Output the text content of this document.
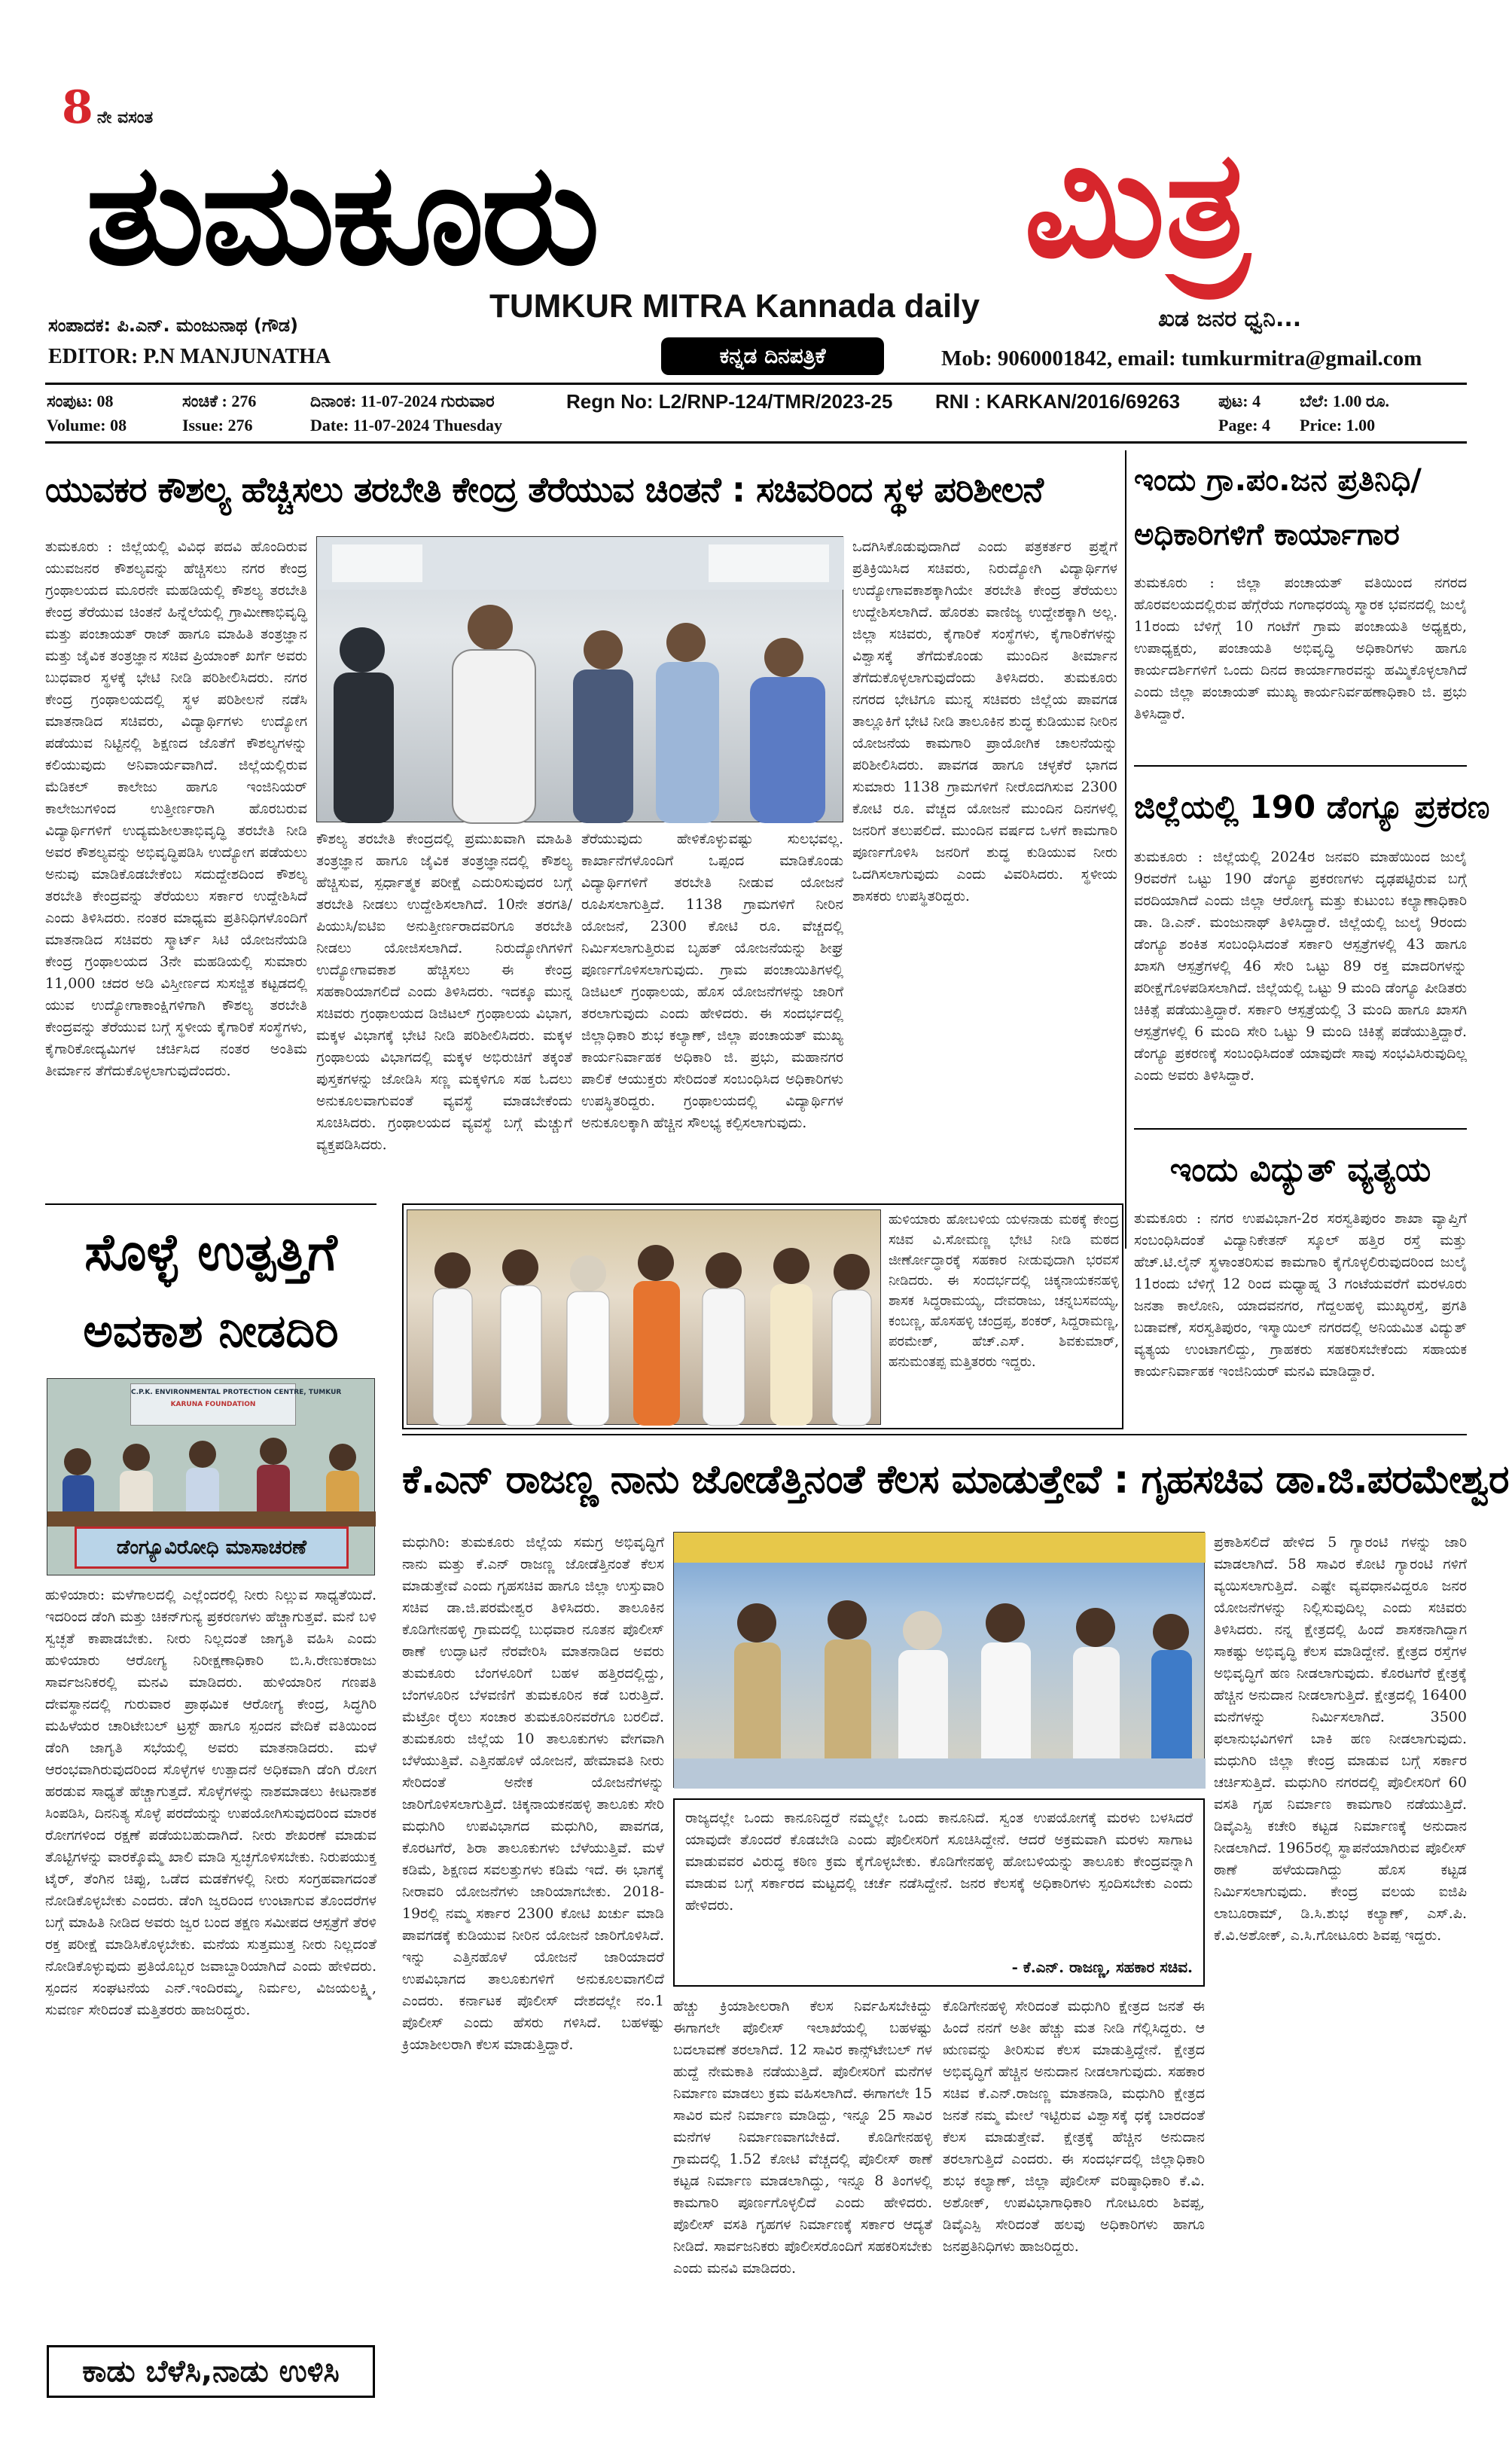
8 ನೇ ವಸಂತ
ತುಮಕೂರು	ಮಿತ್ರ
TUMKUR MITRA Kannada daily	ಖಡ ಜನರ ಧ್ವನಿ...
ಸಂಪಾದಕ: ಪಿ.ಎನ್. ಮಂಜುನಾಥ (ಗೌಡ)
EDITOR: P.N MANJUNATHA	ಕನ್ನಡ ದಿನಪತ್ರಿಕೆ	Mob: 9060001842, email: tumkurmitra@gmail.com
ಸಂಪುಟ: 08	ಸಂಚಿಕೆ : 276	ದಿನಾಂಕ: 11-07-2024 ಗುರುವಾರ	Regn No: L2/RNP-124/TMR/2023-25 RNI : KARKAN/2016/69263 ಪುಟ: 4 ಬೆಲೆ: 1.00 ರೂ.
Volume: 08	Issue: 276	Date: 11-07-2024 Thuesday	Page: 4 Price: 1.00
ಯುವಕರ ಕೌಶಲ್ಯ ಹೆಚ್ಚಿಸಲು ತರಬೇತಿ ಕೇಂದ್ರ ತೆರೆಯುವ ಚಿಂತನೆ : ಸಚಿವರಿಂದ ಸ್ಥಳ ಪರಿಶೀಲನೆ
ತುಮಕೂರು : ಜಿಲ್ಲೆಯಲ್ಲಿ ವಿವಿಧ ಪದವಿ ಹೊಂದಿರುವ ಯುವಜನರ ಕೌಶಲ್ಯವನ್ನು ಹೆಚ್ಚಿಸಲು ನಗರ ಕೇಂದ್ರ ಗ್ರಂಥಾಲಯದ ಮೂರನೇ ಮಹಡಿಯಲ್ಲಿ ಕೌಶಲ್ಯ ತರಬೇತಿ ಕೇಂದ್ರ ತೆರೆಯುವ ಚಿಂತನೆ ಹಿನ್ನೆಲೆಯಲ್ಲಿ ಗ್ರಾಮೀಣಾಭಿವೃದ್ಧಿ ಮತ್ತು ಪಂಚಾಯತ್ ರಾಜ್ ಹಾಗೂ ಮಾಹಿತಿ ತಂತ್ರಜ್ಞಾನ ಮತ್ತು ಜೈವಿಕ ತಂತ್ರಜ್ಞಾನ ಸಚಿವ ಪ್ರಿಯಾಂಕ್ ಖರ್ಗೆ ಅವರು ಬುಧವಾರ ಸ್ಥಳಕ್ಕೆ ಭೇಟಿ ನೀಡಿ ಪರಿಶೀಲಿಸಿದರು. ನಗರ ಕೇಂದ್ರ ಗ್ರಂಥಾಲಯದಲ್ಲಿ ಸ್ಥಳ ಪರಿಶೀಲನೆ ನಡೆಸಿ ಮಾತನಾಡಿದ ಸಚಿವರು, ವಿದ್ಯಾರ್ಥಿಗಳು ಉದ್ಯೋಗ ಪಡೆಯುವ ನಿಟ್ಟಿನಲ್ಲಿ ಶಿಕ್ಷಣದ ಜೊತೆಗೆ ಕೌಶಲ್ಯಗಳನ್ನು ಕಲಿಯುವುದು ಅನಿವಾರ್ಯವಾಗಿದೆ. ಜಿಲ್ಲೆಯಲ್ಲಿರುವ ಮೆಡಿಕಲ್ ಕಾಲೇಜು ಹಾಗೂ ಇಂಜಿನಿಯರ್ ಕಾಲೇಜುಗಳಿಂದ ಉತ್ತೀರ್ಣರಾಗಿ ಹೊರಬರುವ ವಿದ್ಯಾರ್ಥಿಗಳಿಗೆ ಉದ್ಯಮಶೀಲತಾಭಿವೃದ್ಧಿ ತರಬೇತಿ ನೀಡಿ ಅವರ ಕೌಶಲ್ಯವನ್ನು ಅಭಿವೃದ್ಧಿಪಡಿಸಿ ಉದ್ಯೋಗ ಪಡೆಯಲು ಅನುವು ಮಾಡಿಕೊಡಬೇಕೆಂಬ ಸದುದ್ದೇಶದಿಂದ ಕೌಶಲ್ಯ ತರಬೇತಿ ಕೇಂದ್ರವನ್ನು ತೆರೆಯಲು ಸರ್ಕಾರ ಉದ್ದೇಶಿಸಿದೆ ಎಂದು ತಿಳಿಸಿದರು. ನಂತರ ಮಾಧ್ಯಮ ಪ್ರತಿನಿಧಿಗಳೊಂದಿಗೆ ಮಾತನಾಡಿದ ಸಚಿವರು ಸ್ಮಾರ್ಟ್ ಸಿಟಿ ಯೋಜನೆಯಡಿ ಕೇಂದ್ರ ಗ್ರಂಥಾಲಯದ 3ನೇ ಮಹಡಿಯಲ್ಲಿ ಸುಮಾರು 11,000 ಚದರ ಅಡಿ ವಿಸ್ತೀರ್ಣದ ಸುಸಜ್ಜಿತ ಕಟ್ಟಡದಲ್ಲಿ ಯುವ ಉದ್ಯೋಗಾಕಾಂಕ್ಷಿಗಳಿಗಾಗಿ ಕೌಶಲ್ಯ ತರಬೇತಿ ಕೇಂದ್ರವನ್ನು ತೆರೆಯುವ ಬಗ್ಗೆ ಸ್ಥಳೀಯ ಕೈಗಾರಿಕೆ ಸಂಸ್ಥೆಗಳು, ಕೈಗಾರಿಕೋದ್ಯಮಿಗಳ ಚರ್ಚಿಸಿದ ನಂತರ ಅಂತಿಮ ತೀರ್ಮಾನ ತೆಗೆದುಕೊಳ್ಳಲಾಗುವುದೆಂದರು.
ಕೌಶಲ್ಯ ತರಬೇತಿ ಕೇಂದ್ರದಲ್ಲಿ ಪ್ರಮುಖವಾಗಿ ಮಾಹಿತಿ ತಂತ್ರಜ್ಞಾನ ಹಾಗೂ ಜೈವಿಕ ತಂತ್ರಜ್ಞಾನದಲ್ಲಿ ಕೌಶಲ್ಯ ಹೆಚ್ಚಿಸುವ, ಸ್ಪರ್ಧಾತ್ಮಕ ಪರೀಕ್ಷೆ ಎದುರಿಸುವುದರ ಬಗ್ಗೆ ತರಬೇತಿ ನೀಡಲು ಉದ್ದೇಶಿಸಲಾಗಿದೆ. 10ನೇ ತರಗತಿ/ಪಿಯುಸಿ/ಐಟಿಐ ಅನುತ್ತೀರ್ಣರಾದವರಿಗೂ ತರಬೇತಿ ನೀಡಲು ಯೋಜಿಸಲಾಗಿದೆ. ನಿರುದ್ಯೋಗಿಗಳಿಗೆ ಉದ್ಯೋಗಾವಕಾಶ ಹೆಚ್ಚಿಸಲು ಈ ಕೇಂದ್ರ ಸಹಕಾರಿಯಾಗಲಿದೆ ಎಂದು ತಿಳಿಸಿದರು. ಇದಕ್ಕೂ ಮುನ್ನ ಸಚಿವರು ಗ್ರಂಥಾಲಯದ ಡಿಜಿಟಲ್ ಗ್ರಂಥಾಲಯ ವಿಭಾಗ, ಮಕ್ಕಳ ವಿಭಾಗಕ್ಕೆ ಭೇಟಿ ನೀಡಿ ಪರಿಶೀಲಿಸಿದರು. ಮಕ್ಕಳ ಗ್ರಂಥಾಲಯ ವಿಭಾಗದಲ್ಲಿ ಮಕ್ಕಳ ಅಭಿರುಚಿಗೆ ತಕ್ಕಂತೆ ಪುಸ್ತಕಗಳನ್ನು ಜೋಡಿಸಿ ಸಣ್ಣ ಮಕ್ಕಳಿಗೂ ಸಹ ಓದಲು ಅನುಕೂಲವಾಗುವಂತೆ ವ್ಯವಸ್ಥೆ ಮಾಡಬೇಕೆಂದು ಸೂಚಿಸಿದರು. ಗ್ರಂಥಾಲಯದ ವ್ಯವಸ್ಥೆ ಬಗ್ಗೆ ಮೆಚ್ಚುಗೆ ವ್ಯಕ್ತಪಡಿಸಿದರು.
ತೆರೆಯುವುದು ಹೇಳಿಕೊಳ್ಳುವಷ್ಟು ಸುಲಭವಲ್ಲ. ಕಾರ್ಖಾನೆಗಳೊಂದಿಗೆ ಒಪ್ಪಂದ ಮಾಡಿಕೊಂಡು ವಿದ್ಯಾರ್ಥಿಗಳಿಗೆ ತರಬೇತಿ ನೀಡುವ ಯೋಜನೆ ರೂಪಿಸಲಾಗುತ್ತಿದೆ. 1138 ಗ್ರಾಮಗಳಿಗೆ ನೀರಿನ ಯೋಜನೆ, 2300 ಕೋಟಿ ರೂ. ವೆಚ್ಚದಲ್ಲಿ ನಿರ್ಮಿಸಲಾಗುತ್ತಿರುವ ಬೃಹತ್ ಯೋಜನೆಯನ್ನು ಶೀಘ್ರ ಪೂರ್ಣಗೊಳಿಸಲಾಗುವುದು. ಗ್ರಾಮ ಪಂಚಾಯಿತಿಗಳಲ್ಲಿ ಡಿಜಿಟಲ್ ಗ್ರಂಥಾಲಯ, ಹೊಸ ಯೋಜನೆಗಳನ್ನು ಜಾರಿಗೆ ತರಲಾಗುವುದು ಎಂದು ಹೇಳಿದರು. ಈ ಸಂದರ್ಭದಲ್ಲಿ ಜಿಲ್ಲಾಧಿಕಾರಿ ಶುಭ ಕಲ್ಯಾಣ್, ಜಿಲ್ಲಾ ಪಂಚಾಯತ್ ಮುಖ್ಯ ಕಾರ್ಯನಿರ್ವಾಹಕ ಅಧಿಕಾರಿ ಜಿ. ಪ್ರಭು, ಮಹಾನಗರ ಪಾಲಿಕೆ ಆಯುಕ್ತರು ಸೇರಿದಂತೆ ಸಂಬಂಧಿಸಿದ ಅಧಿಕಾರಿಗಳು ಉಪಸ್ಥಿತರಿದ್ದರು. ಗ್ರಂಥಾಲಯದಲ್ಲಿ ವಿದ್ಯಾರ್ಥಿಗಳ ಅನುಕೂಲಕ್ಕಾಗಿ ಹೆಚ್ಚಿನ ಸೌಲಭ್ಯ ಕಲ್ಪಿಸಲಾಗುವುದು.
ಒದಗಿಸಿಕೊಡುವುದಾಗಿದೆ ಎಂದು ಪತ್ರಕರ್ತರ ಪ್ರಶ್ನೆಗೆ ಪ್ರತಿಕ್ರಿಯಿಸಿದ ಸಚಿವರು, ನಿರುದ್ಯೋಗಿ ವಿದ್ಯಾರ್ಥಿಗಳ ಉದ್ಯೋಗಾವಕಾಶಕ್ಕಾಗಿಯೇ ತರಬೇತಿ ಕೇಂದ್ರ ತೆರೆಯಲು ಉದ್ದೇಶಿಸಲಾಗಿದೆ. ಹೊರತು ವಾಣಿಜ್ಯ ಉದ್ದೇಶಕ್ಕಾಗಿ ಅಲ್ಲ. ಜಿಲ್ಲಾ ಸಚಿವರು, ಕೈಗಾರಿಕೆ ಸಂಸ್ಥೆಗಳು, ಕೈಗಾರಿಕೆಗಳನ್ನು ವಿಶ್ವಾಸಕ್ಕೆ ತೆಗೆದುಕೊಂಡು ಮುಂದಿನ ತೀರ್ಮಾನ ತೆಗೆದುಕೊಳ್ಳಲಾಗುವುದೆಂದು ತಿಳಿಸಿದರು. ತುಮಕೂರು ನಗರದ ಭೇಟಿಗೂ ಮುನ್ನ ಸಚಿವರು ಜಿಲ್ಲೆಯ ಪಾವಗಡ ತಾಲ್ಲೂಕಿಗೆ ಭೇಟಿ ನೀಡಿ ತಾಲೂಕಿನ ಶುದ್ಧ ಕುಡಿಯುವ ನೀರಿನ ಯೋಜನೆಯ ಕಾಮಗಾರಿ ಪ್ರಾಯೋಗಿಕ ಚಾಲನೆಯನ್ನು ಪರಿಶೀಲಿಸಿದರು. ಪಾವಗಡ ಹಾಗೂ ಚಳ್ಳಕೆರೆ ಭಾಗದ ಸುಮಾರು 1138 ಗ್ರಾಮಗಳಿಗೆ ನೀರೊದಗಿಸುವ 2300 ಕೋಟಿ ರೂ. ವೆಚ್ಚದ ಯೋಜನೆ ಮುಂದಿನ ದಿನಗಳಲ್ಲಿ ಜನರಿಗೆ ತಲುಪಲಿದೆ. ಮುಂದಿನ ವರ್ಷದ ಒಳಗೆ ಕಾಮಗಾರಿ ಪೂರ್ಣಗೊಳಿಸಿ ಜನರಿಗೆ ಶುದ್ಧ ಕುಡಿಯುವ ನೀರು ಒದಗಿಸಲಾಗುವುದು ಎಂದು ವಿವರಿಸಿದರು. ಸ್ಥಳೀಯ ಶಾಸಕರು ಉಪಸ್ಥಿತರಿದ್ದರು.
ಇಂದು ಗ್ರಾ.ಪಂ.ಜನ ಪ್ರತಿನಿಧಿ/
ಅಧಿಕಾರಿಗಳಿಗೆ ಕಾರ್ಯಾಗಾರ
ತುಮಕೂರು : ಜಿಲ್ಲಾ ಪಂಚಾಯತ್ ವತಿಯಿಂದ ನಗರದ ಹೊರವಲಯದಲ್ಲಿರುವ ಹೆಗ್ಗೆರೆಯ ಗಂಗಾಧರಯ್ಯ ಸ್ಮಾರಕ ಭವನದಲ್ಲಿ ಜುಲೈ 11ರಂದು ಬೆಳಿಗ್ಗೆ 10 ಗಂಟೆಗೆ ಗ್ರಾಮ ಪಂಚಾಯತಿ ಅಧ್ಯಕ್ಷರು, ಉಪಾಧ್ಯಕ್ಷರು, ಪಂಚಾಯತಿ ಅಭಿವೃದ್ಧಿ ಅಧಿಕಾರಿಗಳು ಹಾಗೂ ಕಾರ್ಯದರ್ಶಿಗಳಿಗೆ ಒಂದು ದಿನದ ಕಾರ್ಯಾಗಾರವನ್ನು ಹಮ್ಮಿಕೊಳ್ಳಲಾಗಿದೆ ಎಂದು ಜಿಲ್ಲಾ ಪಂಚಾಯತ್ ಮುಖ್ಯ ಕಾರ್ಯನಿರ್ವಹಣಾಧಿಕಾರಿ ಜಿ. ಪ್ರಭು ತಿಳಿಸಿದ್ದಾರೆ.
ಜಿಲ್ಲೆಯಲ್ಲಿ 190 ಡೆಂಗ್ಯೂ ಪ್ರಕರಣ
ತುಮಕೂರು : ಜಿಲ್ಲೆಯಲ್ಲಿ 2024ರ ಜನವರಿ ಮಾಹೆಯಿಂದ ಜುಲೈ 9ರವರೆಗೆ ಒಟ್ಟು 190 ಡೆಂಗ್ಯೂ ಪ್ರಕರಣಗಳು ದೃಢಪಟ್ಟಿರುವ ಬಗ್ಗೆ ವರದಿಯಾಗಿದೆ ಎಂದು ಜಿಲ್ಲಾ ಆರೋಗ್ಯ ಮತ್ತು ಕುಟುಂಬ ಕಲ್ಯಾಣಾಧಿಕಾರಿ ಡಾ. ಡಿ.ಎನ್. ಮಂಜುನಾಥ್ ತಿಳಿಸಿದ್ದಾರೆ. ಜಿಲ್ಲೆಯಲ್ಲಿ ಜುಲೈ 9ರಂದು ಡೆಂಗ್ಯೂ ಶಂಕಿತ ಸಂಬಂಧಿಸಿದಂತೆ ಸರ್ಕಾರಿ ಆಸ್ಪತ್ರೆಗಳಲ್ಲಿ 43 ಹಾಗೂ ಖಾಸಗಿ ಆಸ್ಪತ್ರೆಗಳಲ್ಲಿ 46 ಸೇರಿ ಒಟ್ಟು 89 ರಕ್ತ ಮಾದರಿಗಳನ್ನು ಪರೀಕ್ಷೆಗೊಳಪಡಿಸಲಾಗಿದೆ. ಜಿಲ್ಲೆಯಲ್ಲಿ ಒಟ್ಟು 9 ಮಂದಿ ಡೆಂಗ್ಯೂ ಪೀಡಿತರು ಚಿಕಿತ್ಸೆ ಪಡೆಯುತ್ತಿದ್ದಾರೆ. ಸರ್ಕಾರಿ ಆಸ್ಪತ್ರೆಯಲ್ಲಿ 3 ಮಂದಿ ಹಾಗೂ ಖಾಸಗಿ ಆಸ್ಪತ್ರೆಗಳಲ್ಲಿ 6 ಮಂದಿ ಸೇರಿ ಒಟ್ಟು 9 ಮಂದಿ ಚಿಕಿತ್ಸೆ ಪಡೆಯುತ್ತಿದ್ದಾರೆ. ಡೆಂಗ್ಯೂ ಪ್ರಕರಣಕ್ಕೆ ಸಂಬಂಧಿಸಿದಂತೆ ಯಾವುದೇ ಸಾವು ಸಂಭವಿಸಿರುವುದಿಲ್ಲ ಎಂದು ಅವರು ತಿಳಿಸಿದ್ದಾರೆ.
ಇಂದು ವಿದ್ಯುತ್ ವ್ಯತ್ಯಯ
ತುಮಕೂರು : ನಗರ ಉಪವಿಭಾಗ-2ರ ಸರಸ್ವತಿಪುರಂ ಶಾಖಾ ವ್ಯಾಪ್ತಿಗೆ ಸಂಬಂಧಿಸಿದಂತೆ ವಿದ್ಯಾನಿಕೇತನ್ ಸ್ಕೂಲ್ ಹತ್ತಿರ ರಸ್ತೆ ಮತ್ತು ಹೆಚ್.ಟಿ.ಲೈನ್ ಸ್ಥಳಾಂತರಿಸುವ ಕಾಮಗಾರಿ ಕೈಗೊಳ್ಳಲಿರುವುದರಿಂದ ಜುಲೈ 11ರಂದು ಬೆಳಿಗ್ಗೆ 12 ರಿಂದ ಮಧ್ಯಾಹ್ನ 3 ಗಂಟೆಯವರೆಗೆ ಮರಳೂರು ಜನತಾ ಕಾಲೋನಿ, ಯಾದವನಗರ, ಗೆದ್ದಲಹಳ್ಳಿ ಮುಖ್ಯರಸ್ತೆ, ಪ್ರಗತಿ ಬಡಾವಣೆ, ಸರಸ್ವತಿಪುರಂ, ಇಸ್ಮಾಯಿಲ್ ನಗರದಲ್ಲಿ ಅನಿಯಮಿತ ವಿದ್ಯುತ್ ವ್ಯತ್ಯಯ ಉಂಟಾಗಲಿದ್ದು, ಗ್ರಾಹಕರು ಸಹಕರಿಸಬೇಕೆಂದು ಸಹಾಯಕ ಕಾರ್ಯನಿರ್ವಾಹಕ ಇಂಜಿನಿಯರ್ ಮನವಿ ಮಾಡಿದ್ದಾರೆ.
ಸೊಳ್ಳೆ ಉತ್ಪತ್ತಿಗೆ
ಅವಕಾಶ ನೀಡದಿರಿ
C.P.K. ENVIRONMENTAL PROTECTION CENTRE, TUMKUR
KARUNA FOUNDATION
ಡೆಂಗ್ಯೂವಿರೋಧಿ ಮಾಸಾಚರಣೆ
ಹುಳಿಯಾರು: ಮಳೆಗಾಲದಲ್ಲಿ ಎಲ್ಲೆಂದರಲ್ಲಿ ನೀರು ನಿಲ್ಲುವ ಸಾಧ್ಯತೆಯಿದೆ. ಇದರಿಂದ ಡೆಂಗಿ ಮತ್ತು ಚಿಕನ್‌ಗುನ್ಯ ಪ್ರಕರಣಗಳು ಹೆಚ್ಚಾಗುತ್ತವೆ. ಮನೆ ಬಳಿ ಸ್ವಚ್ಛತೆ ಕಾಪಾಡಬೇಕು. ನೀರು ನಿಲ್ಲದಂತೆ ಜಾಗೃತಿ ವಹಿಸಿ ಎಂದು ಹುಳಿಯಾರು ಆರೋಗ್ಯ ನಿರೀಕ್ಷಣಾಧಿಕಾರಿ ಬಿ.ಸಿ.ರೇಣುಕರಾಜು ಸಾರ್ವಜನಿಕರಲ್ಲಿ ಮನವಿ ಮಾಡಿದರು. ಹುಳಿಯಾರಿನ ಗಣಪತಿ ದೇವಸ್ಥಾನದಲ್ಲಿ ಗುರುವಾರ ಪ್ರಾಥಮಿಕ ಆರೋಗ್ಯ ಕೇಂದ್ರ, ಸಿದ್ಧಗಿರಿ ಮಹಿಳೆಯರ ಚಾರಿಟೇಬಲ್ ಟ್ರಸ್ಟ್ ಹಾಗೂ ಸ್ಪಂದನ ವೇದಿಕೆ ವತಿಯಿಂದ ಡೆಂಗಿ ಜಾಗೃತಿ ಸಭೆಯಲ್ಲಿ ಅವರು ಮಾತನಾಡಿದರು. ಮಳೆ ಆರಂಭವಾಗಿರುವುದರಿಂದ ಸೊಳ್ಳೆಗಳ ಉತ್ಪಾದನೆ ಅಧಿಕವಾಗಿ ಡೆಂಗಿ ರೋಗ ಹರಡುವ ಸಾಧ್ಯತೆ ಹೆಚ್ಚಾಗುತ್ತದೆ. ಸೊಳ್ಳೆಗಳನ್ನು ನಾಶಮಾಡಲು ಕೀಟನಾಶಕ ಸಿಂಪಡಿಸಿ, ದಿನನಿತ್ಯ ಸೊಳ್ಳೆ ಪರದೆಯನ್ನು ಉಪಯೋಗಿಸುವುದರಿಂದ ಮಾರಕ ರೋಗಗಳಿಂದ ರಕ್ಷಣೆ ಪಡೆಯಬಹುದಾಗಿದೆ. ನೀರು ಶೇಖರಣೆ ಮಾಡುವ ತೊಟ್ಟಿಗಳನ್ನು ವಾರಕ್ಕೊಮ್ಮೆ ಖಾಲಿ ಮಾಡಿ ಸ್ವಚ್ಛಗೊಳಿಸಬೇಕು. ನಿರುಪಯುಕ್ತ ಟೈರ್, ತೆಂಗಿನ ಚಿಪ್ಪು, ಒಡೆದ ಮಡಕೆಗಳಲ್ಲಿ ನೀರು ಸಂಗ್ರಹವಾಗದಂತೆ ನೋಡಿಕೊಳ್ಳಬೇಕು ಎಂದರು. ಡೆಂಗಿ ಜ್ವರದಿಂದ ಉಂಟಾಗುವ ತೊಂದರೆಗಳ ಬಗ್ಗೆ ಮಾಹಿತಿ ನೀಡಿದ ಅವರು ಜ್ವರ ಬಂದ ತಕ್ಷಣ ಸಮೀಪದ ಆಸ್ಪತ್ರೆಗೆ ತೆರಳಿ ರಕ್ತ ಪರೀಕ್ಷೆ ಮಾಡಿಸಿಕೊಳ್ಳಬೇಕು. ಮನೆಯ ಸುತ್ತಮುತ್ತ ನೀರು ನಿಲ್ಲದಂತೆ ನೋಡಿಕೊಳ್ಳುವುದು ಪ್ರತಿಯೊಬ್ಬರ ಜವಾಬ್ದಾರಿಯಾಗಿದೆ ಎಂದು ಹೇಳಿದರು. ಸ್ಪಂದನ ಸಂಘಟನೆಯ ಎನ್.ಇಂದಿರಮ್ಮ, ನಿರ್ಮಲ, ವಿಜಯಲಕ್ಷ್ಮಿ, ಸುವರ್ಣ ಸೇರಿದಂತೆ ಮತ್ತಿತರರು ಹಾಜರಿದ್ದರು.
ಕಾಡು ಬೆಳೆಸಿ,ನಾಡು ಉಳಿಸಿ
ಹುಳಿಯಾರು ಹೋಬಳಿಯ ಯಳನಾಡು ಮಠಕ್ಕೆ ಕೇಂದ್ರ ಸಚಿವ ವಿ.ಸೋಮಣ್ಣ ಭೇಟಿ ನೀಡಿ ಮಠದ ಜೀರ್ಣೋದ್ಧಾರಕ್ಕೆ ಸಹಕಾರ ನೀಡುವುದಾಗಿ ಭರವಸೆ ನೀಡಿದರು. ಈ ಸಂದರ್ಭದಲ್ಲಿ ಚಿಕ್ಕನಾಯಕನಹಳ್ಳಿ ಶಾಸಕ ಸಿದ್ಧರಾಮಯ್ಯ, ದೇವರಾಜು, ಚನ್ನಬಸವಯ್ಯ, ಕಂಬಣ್ಣ, ಹೊಸಹಳ್ಳಿ ಚಂದ್ರಪ್ಪ, ಶಂಕರ್, ಸಿದ್ದರಾಮಣ್ಣ, ಪರಮೇಶ್, ಹೆಚ್.ಎಸ್. ಶಿವಕುಮಾರ್, ಹನುಮಂತಪ್ಪ ಮತ್ತಿತರರು ಇದ್ದರು.
ಕೆ.ಎನ್ ರಾಜಣ್ಣ ನಾನು ಜೋಡೆತ್ತಿನಂತೆ ಕೆಲಸ ಮಾಡುತ್ತೇವೆ : ಗೃಹಸಚಿವ ಡಾ.ಜಿ.ಪರಮೇಶ್ವರ
ಮಧುಗಿರಿ: ತುಮಕೂರು ಜಿಲ್ಲೆಯ ಸಮಗ್ರ ಅಭಿವೃದ್ಧಿಗೆ ನಾನು ಮತ್ತು ಕೆ.ಎನ್ ರಾಜಣ್ಣ ಜೋಡೆತ್ತಿನಂತೆ ಕೆಲಸ ಮಾಡುತ್ತೇವೆ ಎಂದು ಗೃಹಸಚಿವ ಹಾಗೂ ಜಿಲ್ಲಾ ಉಸ್ತುವಾರಿ ಸಚಿವ ಡಾ.ಜಿ.ಪರಮೇಶ್ವರ ತಿಳಿಸಿದರು. ತಾಲೂಕಿನ ಕೊಡಿಗೇನಹಳ್ಳಿ ಗ್ರಾಮದಲ್ಲಿ ಬುಧವಾರ ನೂತನ ಪೊಲೀಸ್ ಠಾಣೆ ಉದ್ಘಾಟನೆ ನೆರವೇರಿಸಿ ಮಾತನಾಡಿದ ಅವರು ತುಮಕೂರು ಬೆಂಗಳೂರಿಗೆ ಬಹಳ ಹತ್ತಿರದಲ್ಲಿದ್ದು, ಬೆಂಗಳೂರಿನ ಬೆಳವಣಿಗೆ ತುಮಕೂರಿನ ಕಡೆ ಬರುತ್ತಿದೆ. ಮೆಟ್ರೋ ರೈಲು ಸಂಚಾರ ತುಮಕೂರಿನವರೆಗೂ ಬರಲಿದೆ. ತುಮಕೂರು ಜಿಲ್ಲೆಯ 10 ತಾಲೂಕುಗಳು ವೇಗವಾಗಿ ಬೆಳೆಯುತ್ತಿವೆ. ಎತ್ತಿನಹೊಳೆ ಯೋಜನೆ, ಹೇಮಾವತಿ ನೀರು ಸೇರಿದಂತೆ ಅನೇಕ ಯೋಜನೆಗಳನ್ನು ಜಾರಿಗೊಳಿಸಲಾಗುತ್ತಿದೆ. ಚಿಕ್ಕನಾಯಕನಹಳ್ಳಿ ತಾಲೂಕು ಸೇರಿ ಮಧುಗಿರಿ ಉಪವಿಭಾಗದ ಮಧುಗಿರಿ, ಪಾವಗಡ, ಕೊರಟಗೆರೆ, ಶಿರಾ ತಾಲೂಕುಗಳು ಬೆಳೆಯುತ್ತಿವೆ. ಮಳೆ ಕಡಿಮೆ, ಶಿಕ್ಷಣದ ಸವಲತ್ತುಗಳು ಕಡಿಮೆ ಇದೆ. ಈ ಭಾಗಕ್ಕೆ ನೀರಾವರಿ ಯೋಜನೆಗಳು ಜಾರಿಯಾಗಬೇಕು. 2018-19ರಲ್ಲಿ ನಮ್ಮ ಸರ್ಕಾರ 2300 ಕೋಟಿ ಖರ್ಚು ಮಾಡಿ ಪಾವಗಡಕ್ಕೆ ಕುಡಿಯುವ ನೀರಿನ ಯೋಜನೆ ಜಾರಿಗೊಳಿಸಿದೆ. ಇನ್ನು ಎತ್ತಿನಹೊಳೆ ಯೋಜನೆ ಜಾರಿಯಾದರೆ ಉಪವಿಭಾಗದ ತಾಲೂಕುಗಳಿಗೆ ಅನುಕೂಲವಾಗಲಿದೆ ಎಂದರು. ಕರ್ನಾಟಕ ಪೊಲೀಸ್ ದೇಶದಲ್ಲೇ ನಂ.1 ಪೊಲೀಸ್ ಎಂದು ಹೆಸರು ಗಳಿಸಿದೆ. ಬಹಳಷ್ಟು ಕ್ರಿಯಾಶೀಲರಾಗಿ ಕೆಲಸ ಮಾಡುತ್ತಿದ್ದಾರೆ.
ಪ್ರಕಾಶಿಸಲಿದೆ ಹೇಳಿದ 5 ಗ್ಯಾರಂಟಿ ಗಳನ್ನು ಜಾರಿ ಮಾಡಲಾಗಿದೆ. 58 ಸಾವಿರ ಕೋಟಿ ಗ್ಯಾರಂಟಿ ಗಳಿಗೆ ವ್ಯಯಿಸಲಾಗುತ್ತಿದೆ. ಎಷ್ಟೇ ವ್ಯವಧಾನವಿದ್ದರೂ ಜನರ ಯೋಜನೆಗಳನ್ನು ನಿಲ್ಲಿಸುವುದಿಲ್ಲ ಎಂದು ಸಚಿವರು ತಿಳಿಸಿದರು. ನನ್ನ ಕ್ಷೇತ್ರದಲ್ಲಿ ಹಿಂದೆ ಶಾಸಕನಾಗಿದ್ದಾಗ ಸಾಕಷ್ಟು ಅಭಿವೃದ್ಧಿ ಕೆಲಸ ಮಾಡಿದ್ದೇನೆ. ಕ್ಷೇತ್ರದ ರಸ್ತೆಗಳ ಅಭಿವೃದ್ಧಿಗೆ ಹಣ ನೀಡಲಾಗುವುದು. ಕೊರಟಗೆರೆ ಕ್ಷೇತ್ರಕ್ಕೆ ಹೆಚ್ಚಿನ ಅನುದಾನ ನೀಡಲಾಗುತ್ತಿದೆ. ಕ್ಷೇತ್ರದಲ್ಲಿ 16400 ಮನೆಗಳನ್ನು ನಿರ್ಮಿಸಲಾಗಿದೆ. 3500 ಫಲಾನುಭವಿಗಳಿಗೆ ಬಾಕಿ ಹಣ ನೀಡಲಾಗುವುದು. ಮಧುಗಿರಿ ಜಿಲ್ಲಾ ಕೇಂದ್ರ ಮಾಡುವ ಬಗ್ಗೆ ಸರ್ಕಾರ ಚರ್ಚಿಸುತ್ತಿದೆ. ಮಧುಗಿರಿ ನಗರದಲ್ಲಿ ಪೊಲೀಸರಿಗೆ 60 ವಸತಿ ಗೃಹ ನಿರ್ಮಾಣ ಕಾಮಗಾರಿ ನಡೆಯುತ್ತಿದೆ. ಡಿವೈಎಸ್ಪಿ ಕಚೇರಿ ಕಟ್ಟಡ ನಿರ್ಮಾಣಕ್ಕೆ ಅನುದಾನ ನೀಡಲಾಗಿದೆ. 1965ರಲ್ಲಿ ಸ್ಥಾಪನೆಯಾಗಿರುವ ಪೊಲೀಸ್ ಠಾಣೆ ಹಳೆಯದಾಗಿದ್ದು ಹೊಸ ಕಟ್ಟಡ ನಿರ್ಮಿಸಲಾಗುವುದು. ಕೇಂದ್ರ ವಲಯ ಐಜಿಪಿ ಲಾಬೂರಾಮ್, ಡಿ.ಸಿ.ಶುಭ ಕಲ್ಯಾಣ್, ಎಸ್.ಪಿ. ಕೆ.ವಿ.ಅಶೋಕ್, ಎ.ಸಿ.ಗೋಟೂರು ಶಿವಪ್ಪ ಇದ್ದರು.
ರಾಜ್ಯದಲ್ಲೇ ಒಂದು ಕಾನೂನಿದ್ದರೆ ನಮ್ಮಲ್ಲೇ ಒಂದು ಕಾನೂನಿದೆ. ಸ್ವಂತ ಉಪಯೋಗಕ್ಕೆ ಮರಳು ಬಳಸಿದರೆ ಯಾವುದೇ ತೊಂದರೆ ಕೊಡಬೇಡಿ ಎಂದು ಪೊಲೀಸರಿಗೆ ಸೂಚಿಸಿದ್ದೇನೆ. ಆದರೆ ಅಕ್ರಮವಾಗಿ ಮರಳು ಸಾಗಾಟ ಮಾಡುವವರ ವಿರುದ್ಧ ಕಠಿಣ ಕ್ರಮ ಕೈಗೊಳ್ಳಬೇಕು. ಕೊಡಿಗೇನಹಳ್ಳಿ ಹೋಬಳಿಯನ್ನು ತಾಲೂಕು ಕೇಂದ್ರವನ್ನಾಗಿ ಮಾಡುವ ಬಗ್ಗೆ ಸರ್ಕಾರದ ಮಟ್ಟದಲ್ಲಿ ಚರ್ಚೆ ನಡೆಸಿದ್ದೇನೆ. ಜನರ ಕೆಲಸಕ್ಕೆ ಅಧಿಕಾರಿಗಳು ಸ್ಪಂದಿಸಬೇಕು ಎಂದು ಹೇಳಿದರು.
- ಕೆ.ಎನ್. ರಾಜಣ್ಣ, ಸಹಕಾರ ಸಚಿವ.
ಹೆಚ್ಚು ಕ್ರಿಯಾಶೀಲರಾಗಿ ಕೆಲಸ ನಿರ್ವಹಿಸಬೇಕಿದ್ದು ಈಗಾಗಲೇ ಪೊಲೀಸ್ ಇಲಾಖೆಯಲ್ಲಿ ಬಹಳಷ್ಟು ಬದಲಾವಣೆ ತರಲಾಗಿದೆ. 12 ಸಾವಿರ ಕಾನ್ಸ್‌ಟೇಬಲ್ ಗಳ ಹುದ್ದೆ ನೇಮಕಾತಿ ನಡೆಯುತ್ತಿದೆ. ಪೊಲೀಸರಿಗೆ ಮನೆಗಳ ನಿರ್ಮಾಣ ಮಾಡಲು ಕ್ರಮ ವಹಿಸಲಾಗಿದೆ. ಈಗಾಗಲೇ 15 ಸಾವಿರ ಮನೆ ನಿರ್ಮಾಣ ಮಾಡಿದ್ದು, ಇನ್ನೂ 25 ಸಾವಿರ ಮನೆಗಳ ನಿರ್ಮಾಣವಾಗಬೇಕಿದೆ. ಕೊಡಿಗೇನಹಳ್ಳಿ ಗ್ರಾಮದಲ್ಲಿ 1.52 ಕೋಟಿ ವೆಚ್ಚದಲ್ಲಿ ಪೊಲೀಸ್ ಠಾಣೆ ಕಟ್ಟಡ ನಿರ್ಮಾಣ ಮಾಡಲಾಗಿದ್ದು, ಇನ್ನೂ 8 ತಿಂಗಳಲ್ಲಿ ಕಾಮಗಾರಿ ಪೂರ್ಣಗೊಳ್ಳಲಿದೆ ಎಂದು ಹೇಳಿದರು. ಪೊಲೀಸ್ ವಸತಿ ಗೃಹಗಳ ನಿರ್ಮಾಣಕ್ಕೆ ಸರ್ಕಾರ ಆದ್ಯತೆ ನೀಡಿದೆ. ಸಾರ್ವಜನಿಕರು ಪೊಲೀಸರೊಂದಿಗೆ ಸಹಕರಿಸಬೇಕು ಎಂದು ಮನವಿ ಮಾಡಿದರು.
ಕೊಡಿಗೇನಹಳ್ಳಿ ಸೇರಿದಂತೆ ಮಧುಗಿರಿ ಕ್ಷೇತ್ರದ ಜನತೆ ಈ ಹಿಂದೆ ನನಗೆ ಅತೀ ಹೆಚ್ಚು ಮತ ನೀಡಿ ಗೆಲ್ಲಿಸಿದ್ದರು. ಆ ಋಣವನ್ನು ತೀರಿಸುವ ಕೆಲಸ ಮಾಡುತ್ತಿದ್ದೇನೆ. ಕ್ಷೇತ್ರದ ಅಭಿವೃದ್ಧಿಗೆ ಹೆಚ್ಚಿನ ಅನುದಾನ ನೀಡಲಾಗುವುದು. ಸಹಕಾರ ಸಚಿವ ಕೆ.ಎನ್.ರಾಜಣ್ಣ ಮಾತನಾಡಿ, ಮಧುಗಿರಿ ಕ್ಷೇತ್ರದ ಜನತೆ ನಮ್ಮ ಮೇಲೆ ಇಟ್ಟಿರುವ ವಿಶ್ವಾಸಕ್ಕೆ ಧಕ್ಕೆ ಬಾರದಂತೆ ಕೆಲಸ ಮಾಡುತ್ತೇವೆ. ಕ್ಷೇತ್ರಕ್ಕೆ ಹೆಚ್ಚಿನ ಅನುದಾನ ತರಲಾಗುತ್ತಿದೆ ಎಂದರು. ಈ ಸಂದರ್ಭದಲ್ಲಿ ಜಿಲ್ಲಾಧಿಕಾರಿ ಶುಭ ಕಲ್ಯಾಣ್, ಜಿಲ್ಲಾ ಪೊಲೀಸ್ ವರಿಷ್ಠಾಧಿಕಾರಿ ಕೆ.ವಿ. ಅಶೋಕ್, ಉಪವಿಭಾಗಾಧಿಕಾರಿ ಗೋಟೂರು ಶಿವಪ್ಪ, ಡಿವೈಎಸ್ಪಿ ಸೇರಿದಂತೆ ಹಲವು ಅಧಿಕಾರಿಗಳು ಹಾಗೂ ಜನಪ್ರತಿನಿಧಿಗಳು ಹಾಜರಿದ್ದರು.
